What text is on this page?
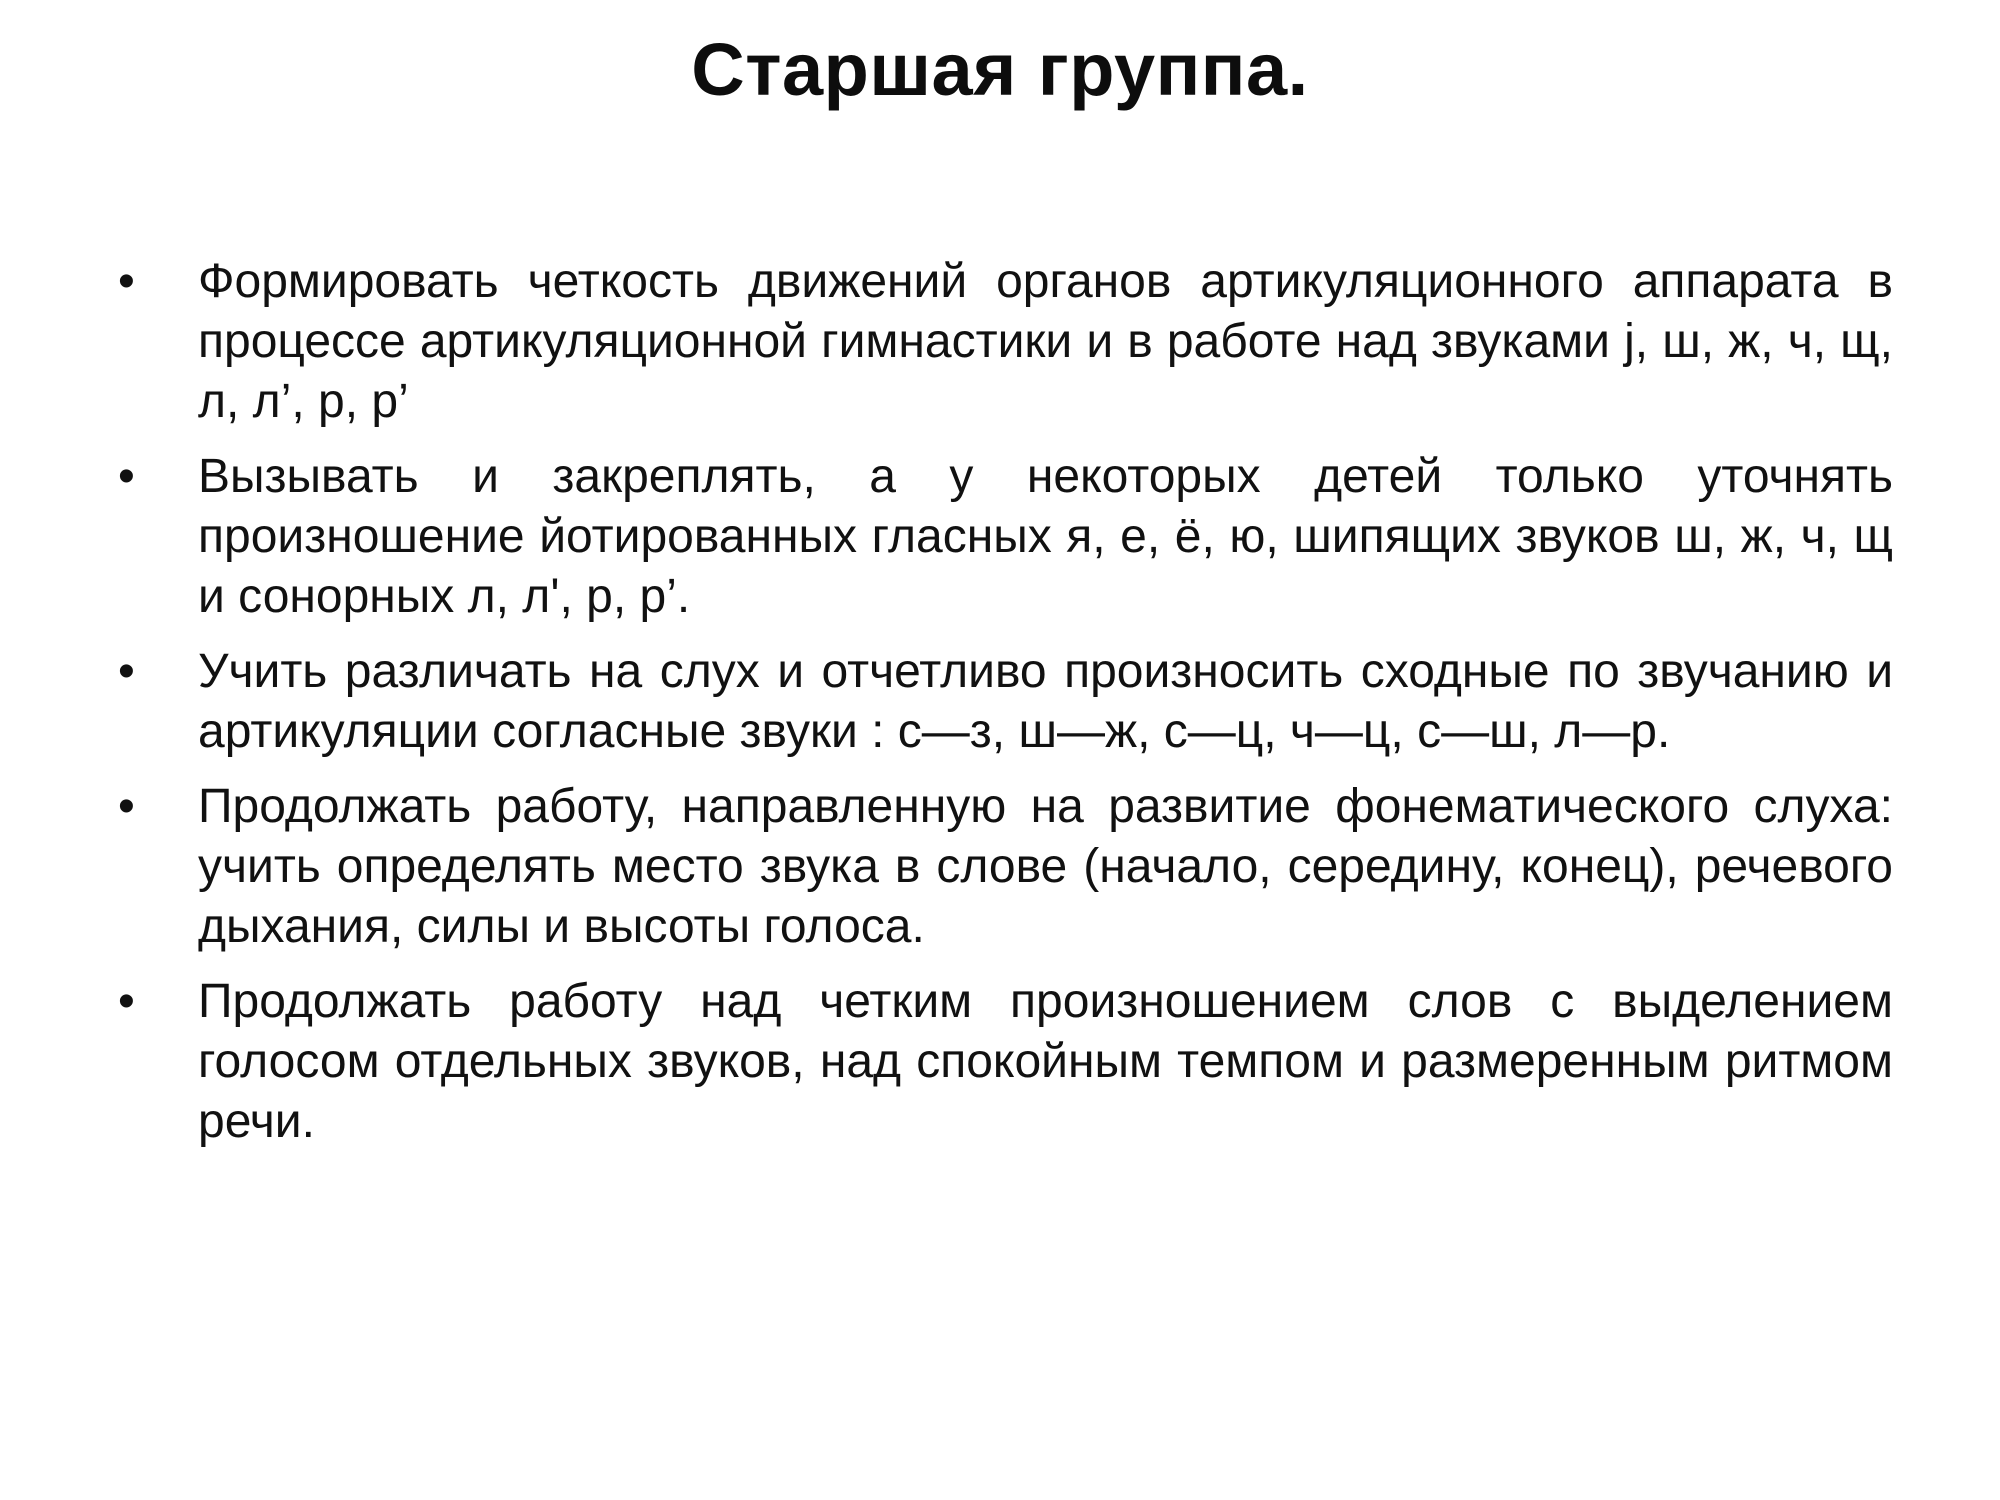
Старшая группа.
•	Формировать четкость движений органов артикуляционного аппарата в процессе артикуляционной гимнастики и в работе над звуками j, ш, ж, ч, щ, л, л’, р, р’
•	Вызывать и закреплять, а у некоторых детей только уточнять произношение йотированных гласных я, е, ё, ю, шипящих звуков ш, ж, ч, щ и сонорных л, л', р, р’.
•	Учить различать на слух и отчетливо произносить сходные по звучанию и артикуляции согласные звуки : с—з, ш—ж, с—ц, ч—ц, с—ш, л—р.
•	Продолжать работу, направленную на развитие фонематического слуха: учить определять место звука в слове (начало, середину, конец), речевого дыхания, силы и высоты голоса.
•	Продолжать работу над четким произношением слов с выделением голосом отдельных звуков, над спокойным темпом и размеренным ритмом речи.
